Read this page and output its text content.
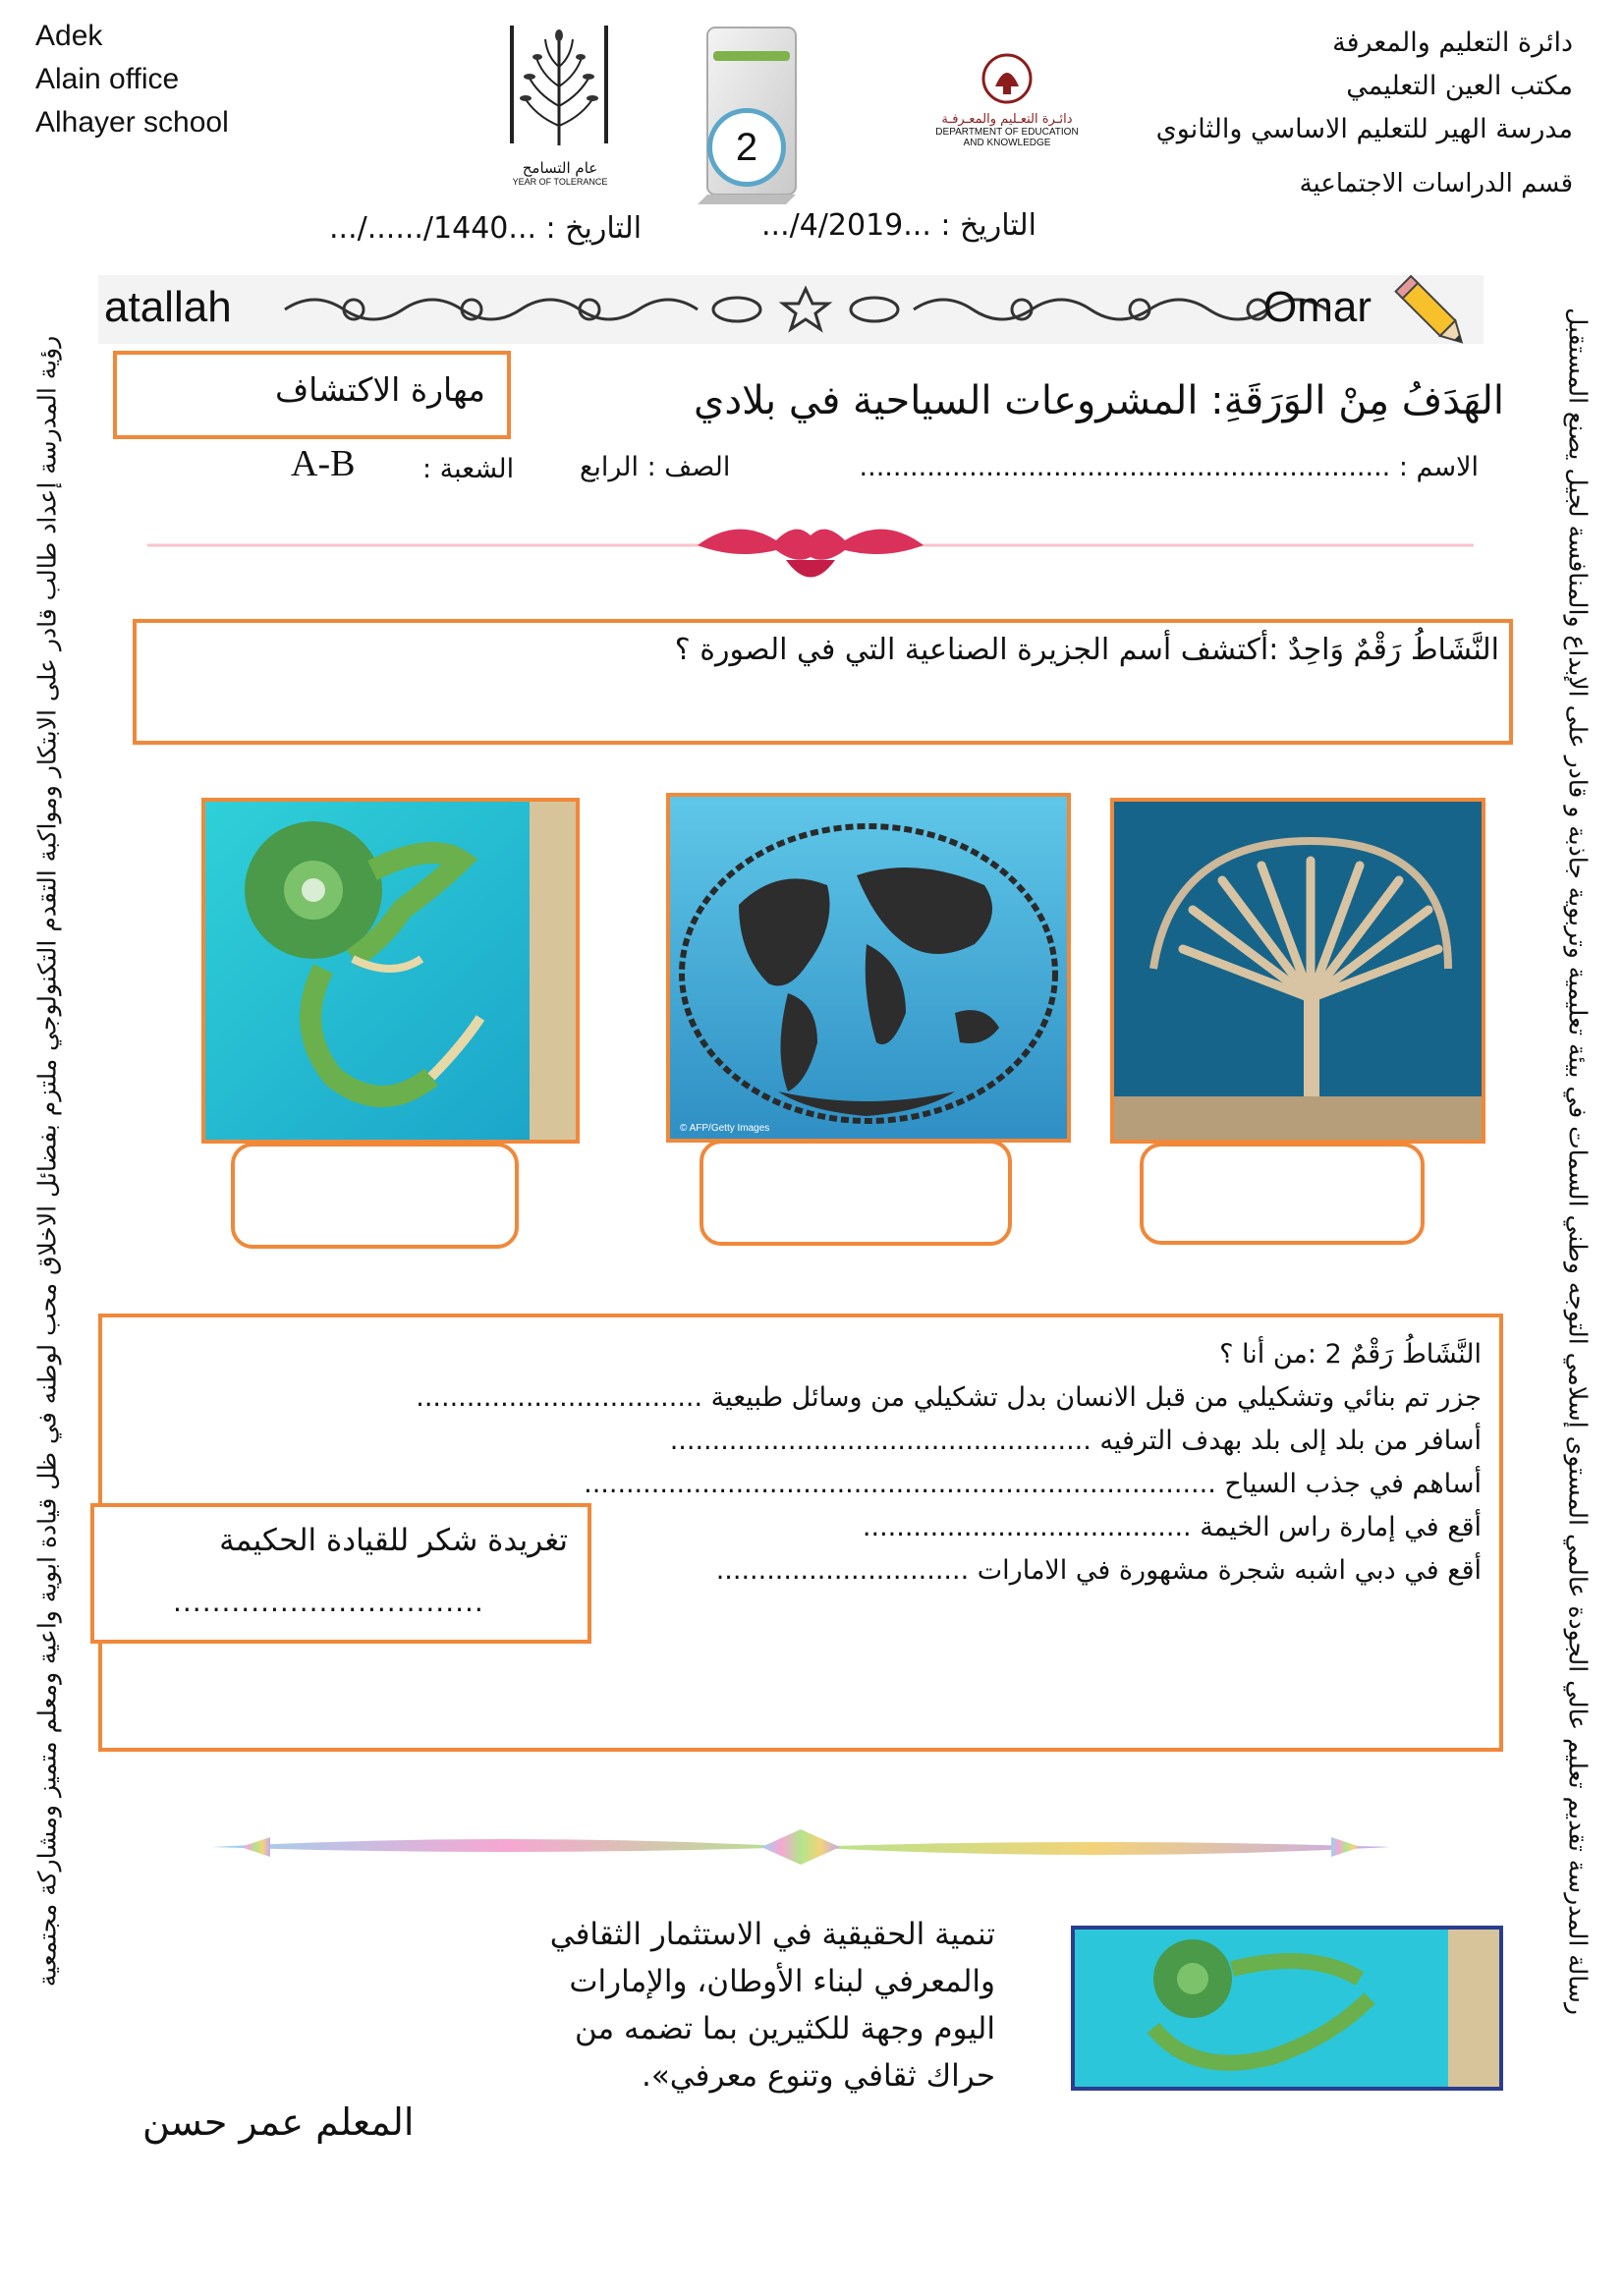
رؤية المدرسة إعداد طالب قادر على الابتكار ومواكبة التقدم التكنولوجي ملتزم بفضائل الاخلاق محب لوطنه في ظل قيادة ابوية واعية ومعلم متميز ومشاركة مجتمعية	رسالة المدرسة تقديم تعليم عالي الجودة عالمي المستوى إسلامي التوجه وطني السمات في بيئة تعليمية وتربوية جاذبة و قادر على الإبداع والمنافسة لجيل يصنع المستقبل
Adek
Alain office
Alhayer school
عام التسامح
YEAR OF TOLERANCE
2
دائـرة التعـليم والمعـرفـة
DEPARTMENT OF EDUCATION
AND KNOWLEDGE
دائرة التعليم والمعرفة
مكتب العين التعليمي
مدرسة الهير للتعليم الاساسي والثانوي
قسم الدراسات الاجتماعية
التاريخ : ...4/2019/...
التاريخ : ...1440/....../...
atallah	Omar
مهارة الاكتشاف	الهَدَفُ مِنْ الوَرَقَةِ: المشروعات السياحية في بلادي
الاسم : ...............................................................
الصف : الرابع
الشعبة :
A-B
النَّشَاطُ رَقْمٌ وَاحِدٌ :أكتشف أسم الجزيرة الصناعية التي في الصورة ؟
© AFP/Getty Images
النَّشَاطُ رَقْمٌ 2 :من أنا ؟
جزر تم بنائي وتشكيلي من قبل الانسان بدل تشكيلي من وسائل طبيعية ..................................
أسافر من بلد إلى بلد بهدف الترفيه ..................................................
أساهم في جذب السياح ...........................................................................
أقع في إمارة راس الخيمة .......................................
أقع في دبي اشبه شجرة مشهورة في الامارات ..............................
تغريدة شكر للقيادة الحكيمة
................................
تنمية الحقيقية في الاستثمار الثقافي
والمعرفي لبناء الأوطان، والإمارات
اليوم وجهة للكثيرين بما تضمه من
حراك ثقافي وتنوع معرفي».‏
المعلم عمر حسن
